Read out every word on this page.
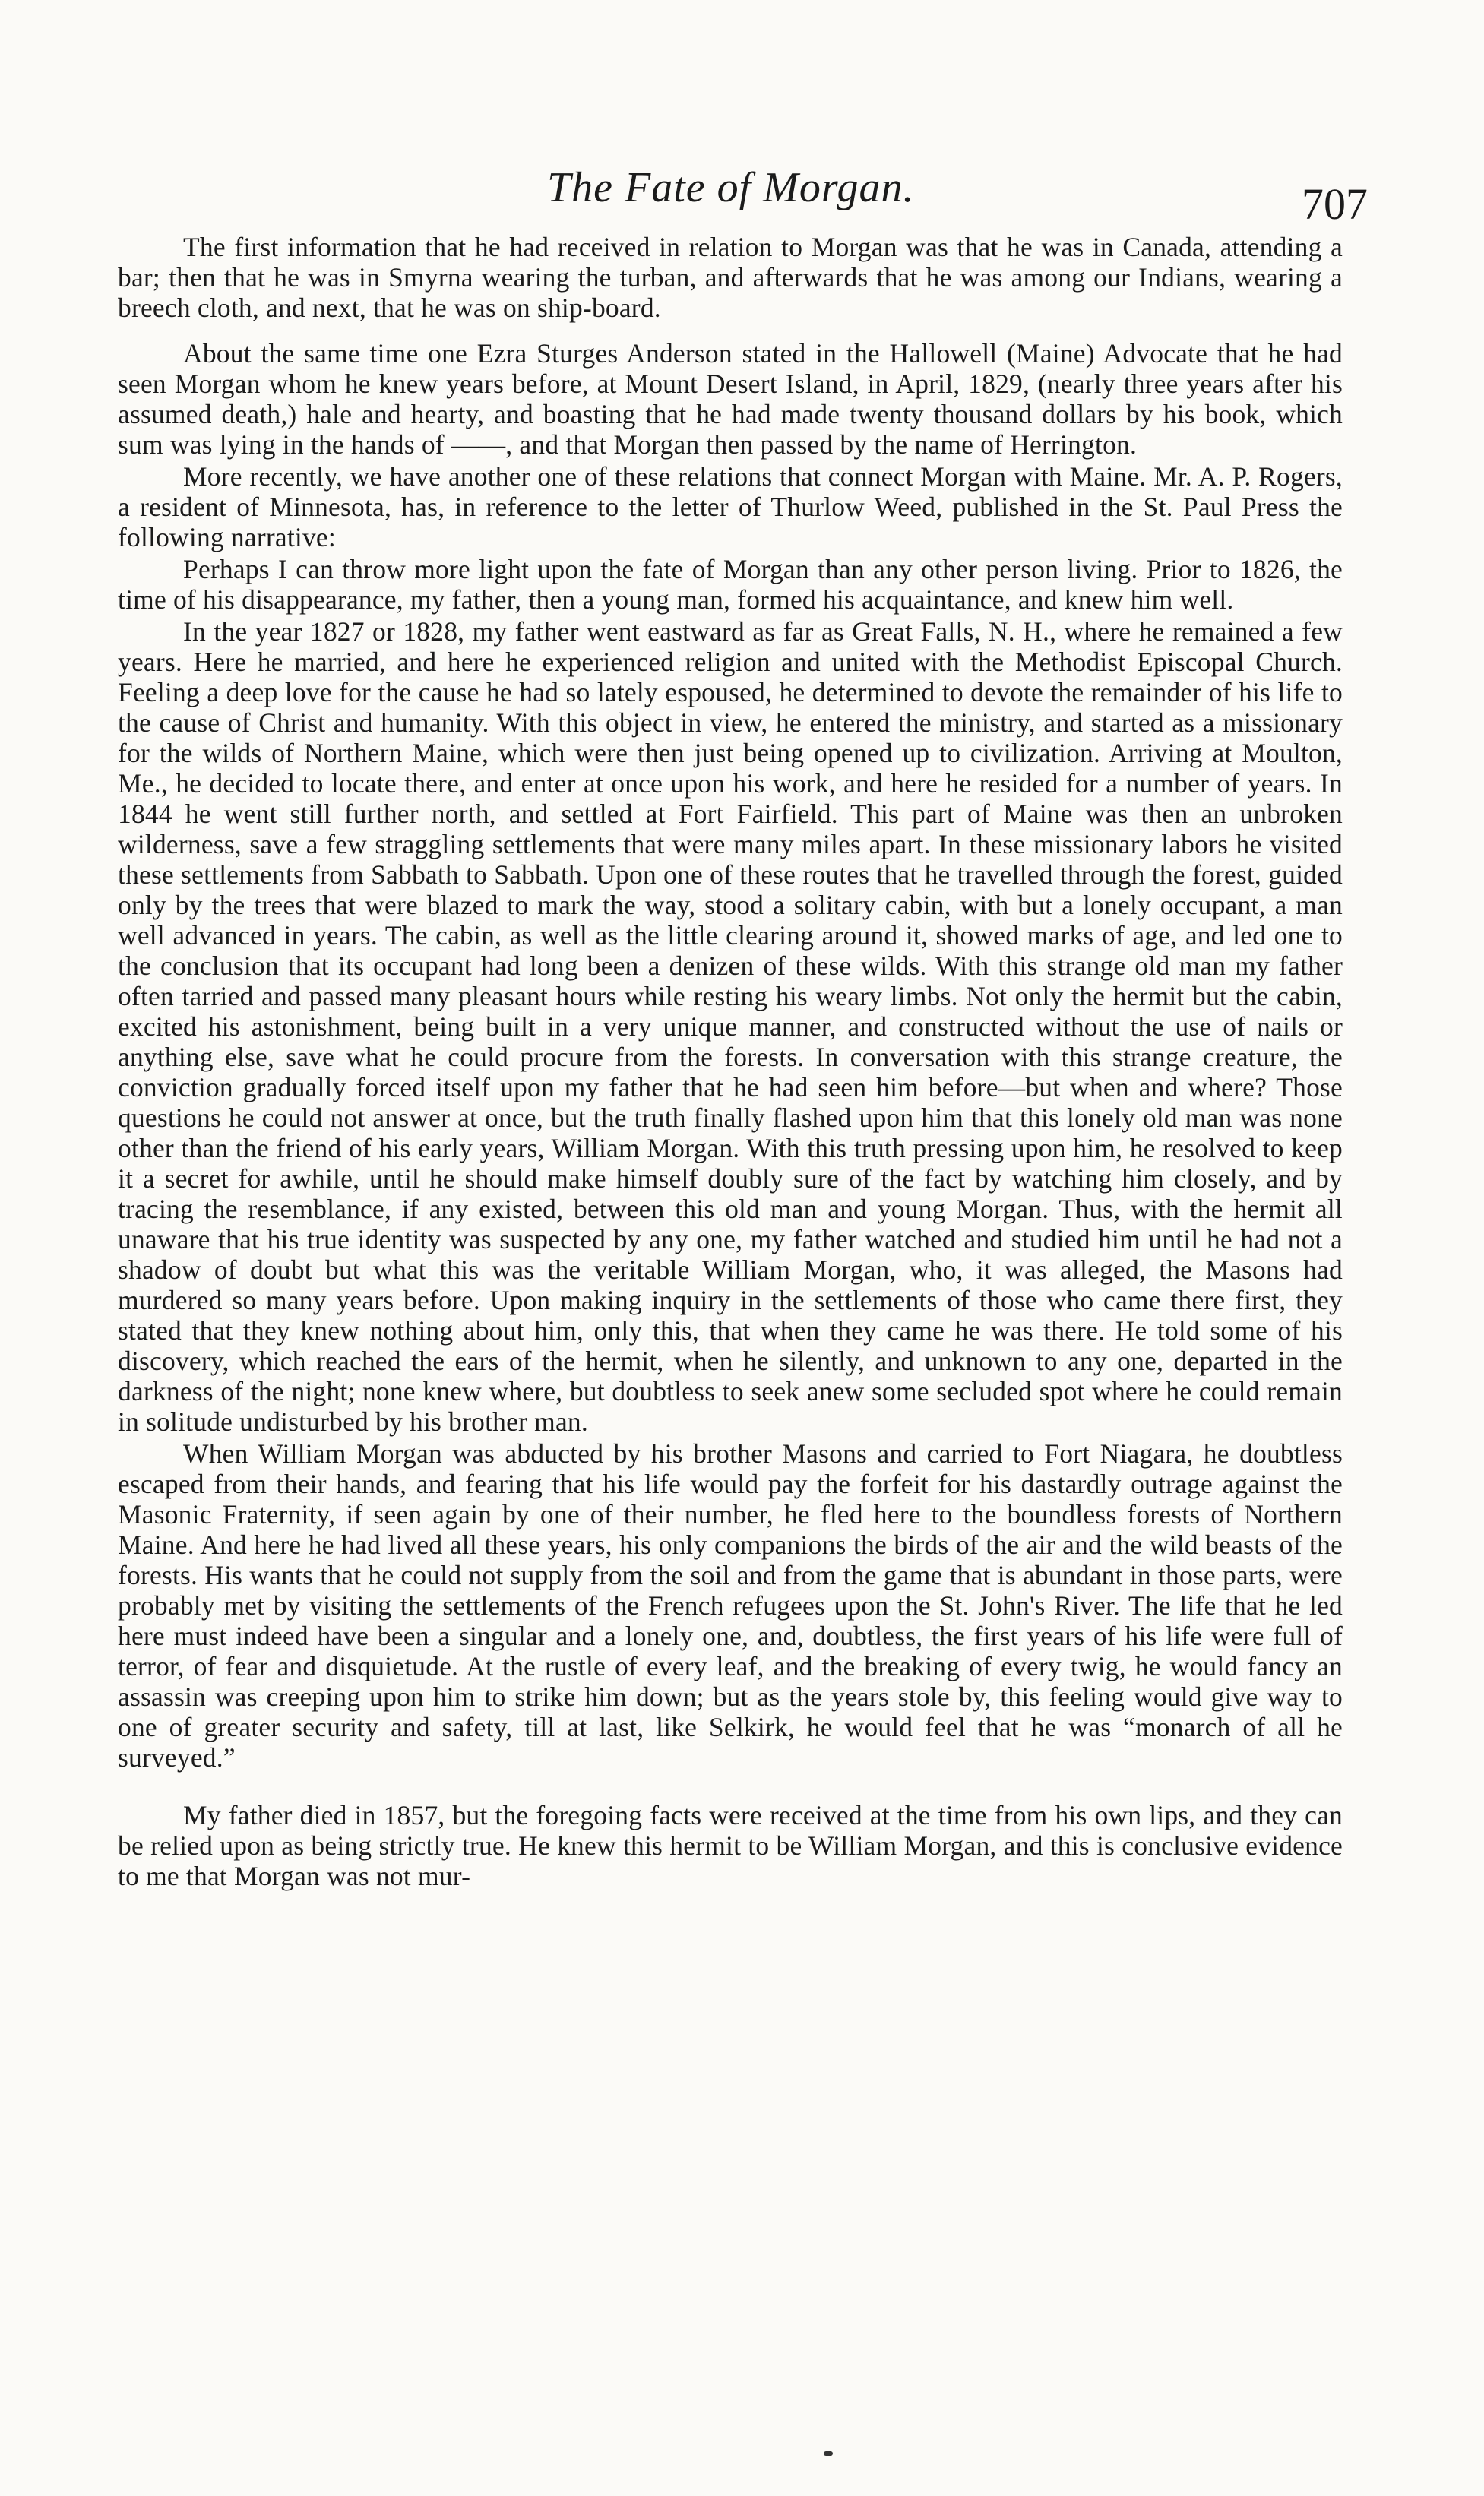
The Fate of Morgan.	707

The first information that he had received in relation to Morgan was that he was in Canada, attending a bar; then that he was in Smyrna wearing the turban, and afterwards that he was among our Indians, wearing a breech cloth, and next, that he was on ship-board.

About the same time one Ezra Sturges Anderson stated in the Hallowell (Maine) Advocate that he had seen Morgan whom he knew years before, at Mount Desert Island, in April, 1829, (nearly three years after his assumed death,) hale and hearty, and boasting that he had made twenty thousand dollars by his book, which sum was lying in the hands of ——, and that Morgan then passed by the name of Herrington.

More recently, we have another one of these relations that connect Morgan with Maine. Mr. A. P. Rogers, a resident of Minnesota, has, in reference to the letter of Thurlow Weed, published in the St. Paul Press the following narrative:

Perhaps I can throw more light upon the fate of Morgan than any other person living. Prior to 1826, the time of his disappearance, my father, then a young man, formed his acquaintance, and knew him well.

In the year 1827 or 1828, my father went eastward as far as Great Falls, N. H., where he remained a few years. Here he married, and here he experienced religion and united with the Methodist Episcopal Church. Feeling a deep love for the cause he had so lately espoused, he determined to devote the remainder of his life to the cause of Christ and humanity. With this object in view, he entered the ministry, and started as a missionary for the wilds of Northern Maine, which were then just being opened up to civilization. Arriving at Moulton, Me., he decided to locate there, and enter at once upon his work, and here he resided for a number of years. In 1844 he went still further north, and settled at Fort Fairfield. This part of Maine was then an unbroken wilderness, save a few straggling settlements that were many miles apart. In these missionary labors he visited these settlements from Sabbath to Sabbath. Upon one of these routes that he travelled through the forest, guided only by the trees that were blazed to mark the way, stood a solitary cabin, with but a lonely occupant, a man well advanced in years. The cabin, as well as the little clearing around it, showed marks of age, and led one to the conclusion that its occupant had long been a denizen of these wilds. With this strange old man my father often tarried and passed many pleasant hours while resting his weary limbs. Not only the hermit but the cabin, excited his astonishment, being built in a very unique manner, and constructed without the use of nails or anything else, save what he could procure from the forests. In conversation with this strange creature, the conviction gradually forced itself upon my father that he had seen him before—but when and where? Those questions he could not answer at once, but the truth finally flashed upon him that this lonely old man was none other than the friend of his early years, William Morgan. With this truth pressing upon him, he resolved to keep it a secret for awhile, until he should make himself doubly sure of the fact by watching him closely, and by tracing the resemblance, if any existed, between this old man and young Morgan. Thus, with the hermit all unaware that his true identity was suspected by any one, my father watched and studied him until he had not a shadow of doubt but what this was the veritable William Morgan, who, it was alleged, the Masons had murdered so many years before. Upon making inquiry in the settlements of those who came there first, they stated that they knew nothing about him, only this, that when they came he was there. He told some of his discovery, which reached the ears of the hermit, when he silently, and unknown to any one, departed in the darkness of the night; none knew where, but doubtless to seek anew some secluded spot where he could remain in solitude undisturbed by his brother man.

When William Morgan was abducted by his brother Masons and carried to Fort Niagara, he doubtless escaped from their hands, and fearing that his life would pay the forfeit for his dastardly outrage against the Masonic Fraternity, if seen again by one of their number, he fled here to the boundless forests of Northern Maine. And here he had lived all these years, his only companions the birds of the air and the wild beasts of the forests. His wants that he could not supply from the soil and from the game that is abundant in those parts, were probably met by visiting the settlements of the French refugees upon the St. John's River. The life that he led here must indeed have been a singular and a lonely one, and, doubtless, the first years of his life were full of terror, of fear and disquietude. At the rustle of every leaf, and the breaking of every twig, he would fancy an assassin was creeping upon him to strike him down; but as the years stole by, this feeling would give way to one of greater security and safety, till at last, like Selkirk, he would feel that he was “monarch of all he surveyed.”

My father died in 1857, but the foregoing facts were received at the time from his own lips, and they can be relied upon as being strictly true. He knew this hermit to be William Morgan, and this is conclusive evidence to me that Morgan was not mur-
